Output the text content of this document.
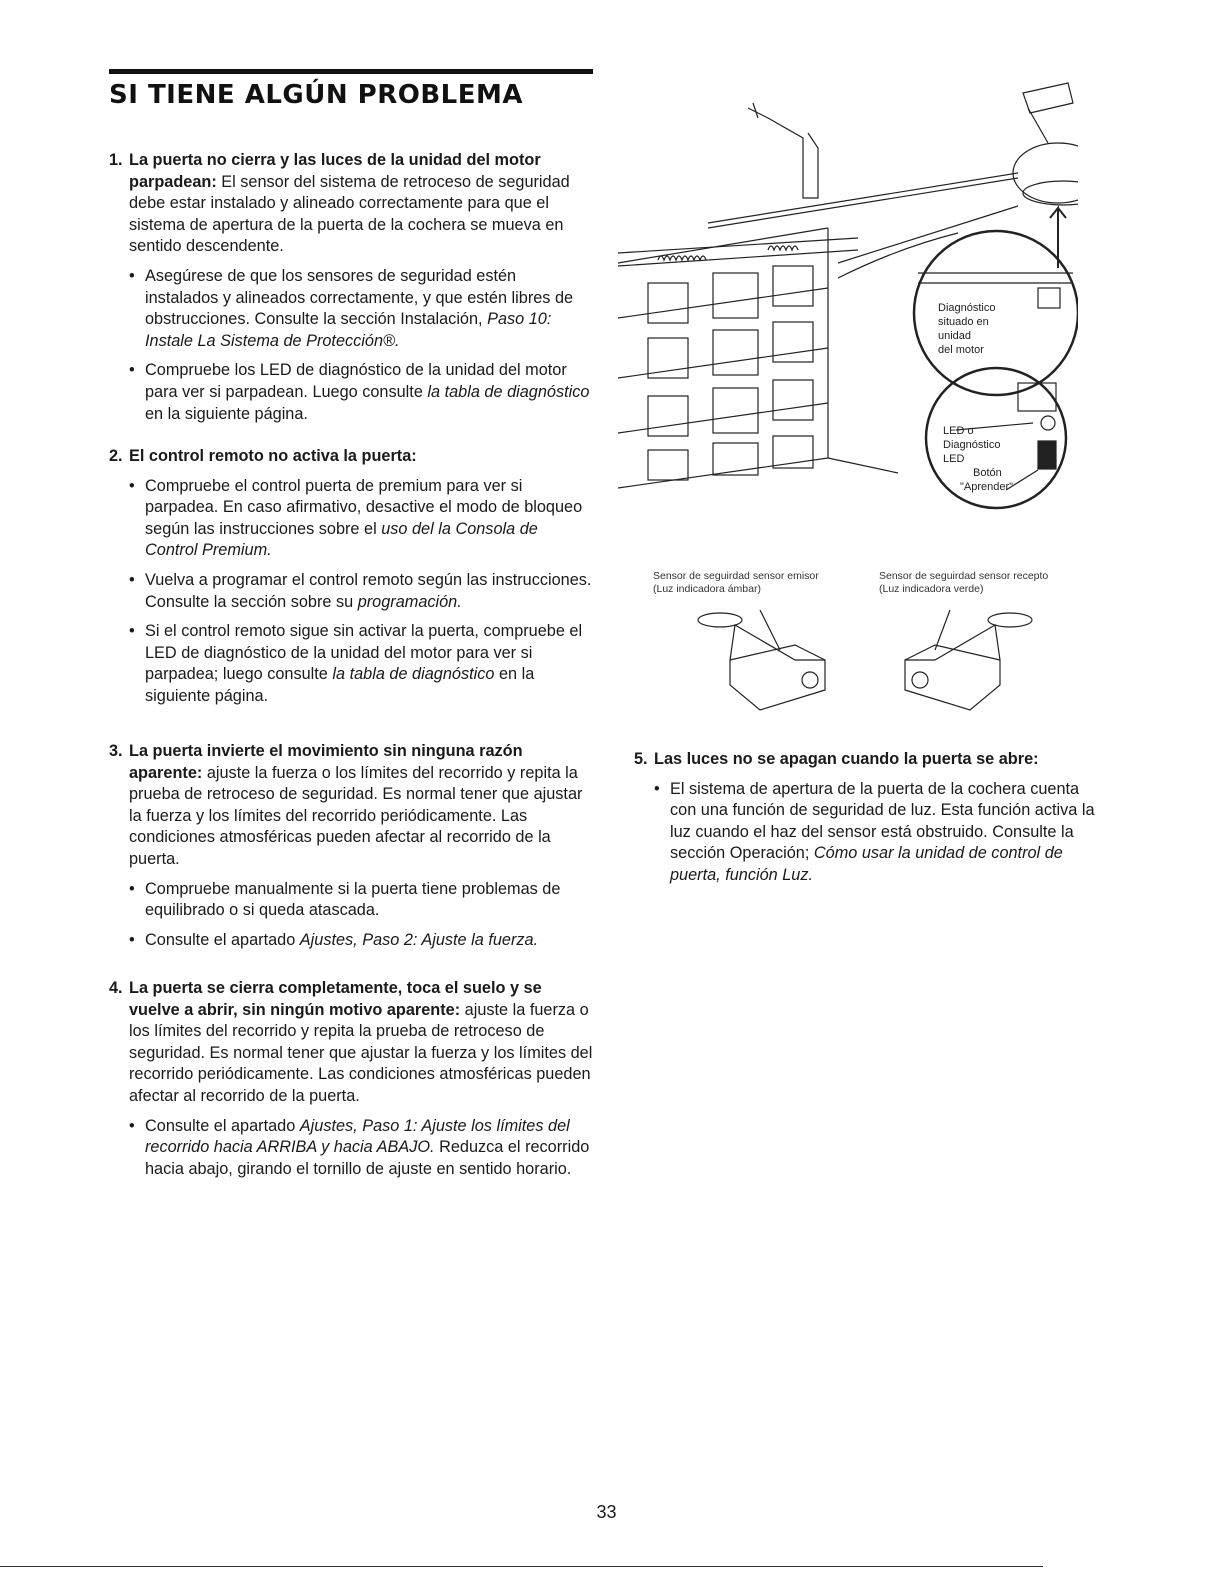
SI TIENE ALGÚN PROBLEMA
1. La puerta no cierra y las luces de la unidad del motor parpadean: El sensor del sistema de retroceso de seguridad debe estar instalado y alineado correctamente para que el sistema de apertura de la puerta de la cochera se mueva en sentido descendente.
• Asegúrese de que los sensores de seguridad estén instalados y alineados correctamente, y que estén libres de obstrucciones. Consulte la sección Instalación, Paso 10: Instale La Sistema de Protección®.
• Compruebe los LED de diagnóstico de la unidad del motor para ver si parpadean. Luego consulte la tabla de diagnóstico en la siguiente página.
2. El control remoto no activa la puerta:
• Compruebe el control puerta de premium para ver si parpadea. En caso afirmativo, desactive el modo de bloqueo según las instrucciones sobre el uso del la Consola de Control Premium.
• Vuelva a programar el control remoto según las instrucciones. Consulte la sección sobre su programación.
• Si el control remoto sigue sin activar la puerta, compruebe el LED de diagnóstico de la unidad del motor para ver si parpadea; luego consulte la tabla de diagnóstico en la siguiente página.
3. La puerta invierte el movimiento sin ninguna razón aparente: ajuste la fuerza o los límites del recorrido y repita la prueba de retroceso de seguridad. Es normal tener que ajustar la fuerza y los límites del recorrido periódicamente. Las condiciones atmosféricas pueden afectar al recorrido de la puerta.
• Compruebe manualmente si la puerta tiene problemas de equilibrado o si queda atascada.
• Consulte el apartado Ajustes, Paso 2: Ajuste la fuerza.
4. La puerta se cierra completamente, toca el suelo y se vuelve a abrir, sin ningún motivo aparente: ajuste la fuerza o los límites del recorrido y repita la prueba de retroceso de seguridad. Es normal tener que ajustar la fuerza y los límites del recorrido periódicamente. Las condiciones atmosféricas pueden afectar al recorrido de la puerta.
• Consulte el apartado Ajustes, Paso 1: Ajuste los límites del recorrido hacia ARRIBA y hacia ABAJO. Reduzca el recorrido hacia abajo, girando el tornillo de ajuste en sentido horario.
5. Las luces no se apagan cuando la puerta se abre:
• El sistema de apertura de la puerta de la cochera cuenta con una función de seguridad de luz. Esta función activa la luz cuando el haz del sensor está obstruido. Consulte la sección Operación; Cómo usar la unidad de control de puerta, función Luz.
Diagnóstico
situado en
unidad
del motor
LED o
Diagnóstico
LED
Botón
"Aprender"
Sensor de seguirdad sensor emisor
(Luz indicadora ámbar)
Sensor de seguirdad sensor recepto
(Luz indicadora verde)
33
